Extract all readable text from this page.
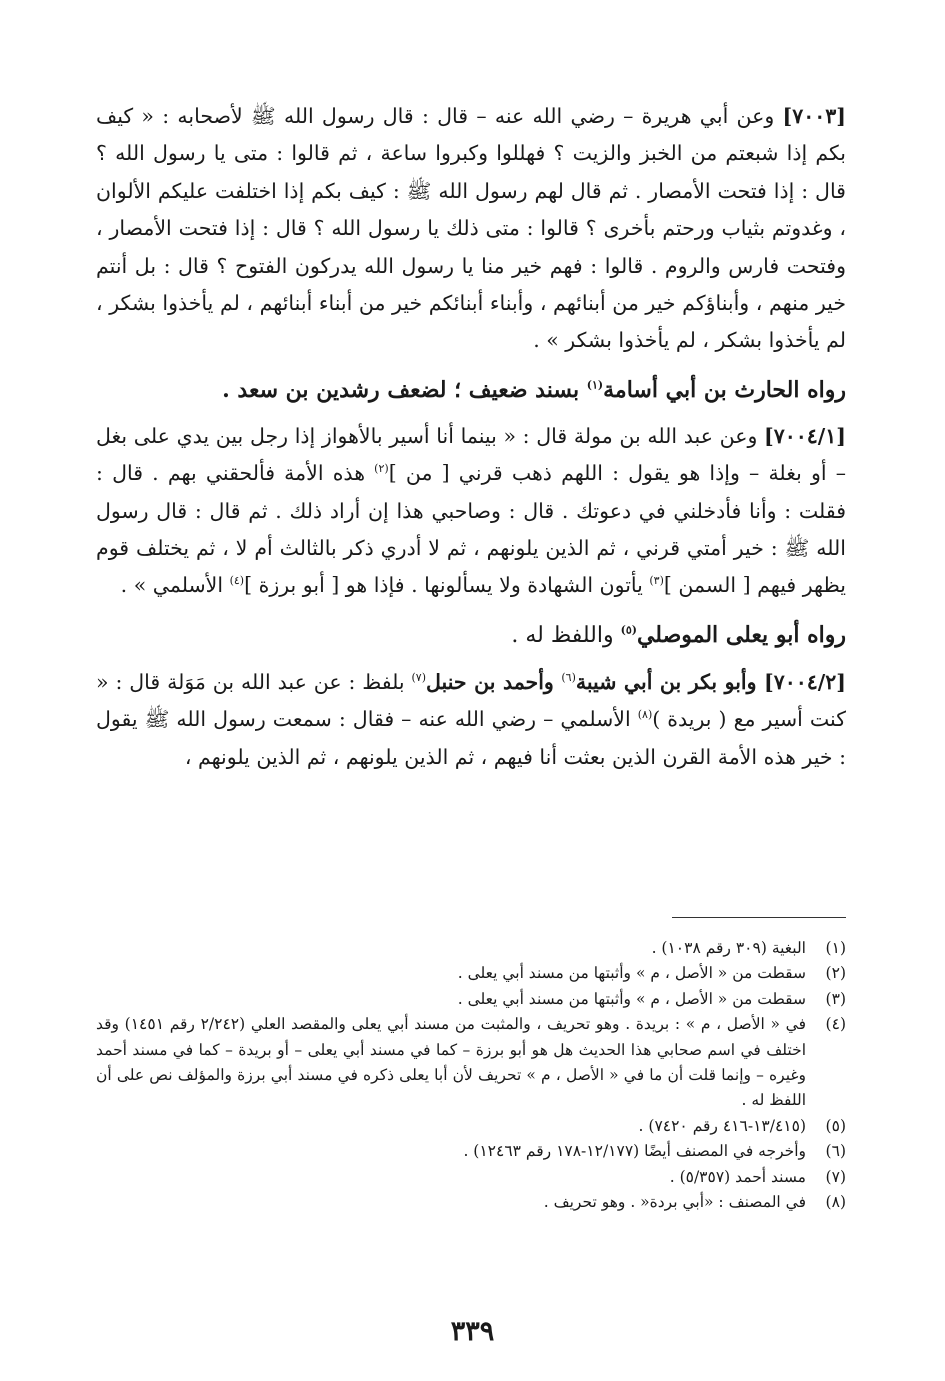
[٧٠٠٣] وعن أبي هريرة – رضي الله عنه – قال : قال رسول الله ﷺ لأصحابه : « كيف بكم إذا شبعتم من الخبز والزيت ؟ فهللوا وكبروا ساعة ، ثم قالوا : متى يا رسول الله ؟ قال : إذا فتحت الأمصار . ثم قال لهم رسول الله ﷺ : كيف بكم إذا اختلفت عليكم الألوان ، وغدوتم بثياب ورحتم بأخرى ؟ قالوا : متى ذلك يا رسول الله ؟ قال : إذا فتحت الأمصار ، وفتحت فارس والروم . قالوا : فهم خير منا يا رسول الله يدركون الفتوح ؟ قال : بل أنتم خير منهم ، وأبناؤكم خير من أبنائهم ، وأبناء أبنائكم خير من أبناء أبنائهم ، لم يأخذوا بشكر ، لم يأخذوا بشكر ، لم يأخذوا بشكر » .

رواه الحارث بن أبي أسامة$^{(١)}$ بسند ضعيف ؛ لضعف رشدين بن سعد .

[٧٠٠٤/١] وعن عبد الله بن مولة قال : « بينما أنا أسير بالأهواز إذا رجل بين يدي على بغل – أو بغلة – وإذا هو يقول : اللهم ذهب قرني [ من ]$^{(٢)}$ هذه الأمة فألحقني بهم . قال : فقلت : وأنا فأدخلني في دعوتك . قال : وصاحبي هذا إن أراد ذلك . ثم قال : قال رسول الله ﷺ : خير أمتي قرني ، ثم الذين يلونهم ، ثم لا أدري ذكر بالثالث أم لا ، ثم يختلف قوم يظهر فيهم [ السمن ]$^{(٣)}$ يأتون الشهادة ولا يسألونها . فإذا هو [ أبو برزة ]$^{(٤)}$ الأسلمي » .

رواه أبو يعلى الموصلي$^{(٥)}$ واللفظ له .

[٧٠٠٤/٢] وأبو بكر بن أبي شيبة$^{(٦)}$ وأحمد بن حنبل$^{(٧)}$ بلفظ : عن عبد الله بن مَوَلة قال : « كنت أسير مع ( بريدة )$^{(٨)}$ الأسلمي – رضي الله عنه – فقال : سمعت رسول الله ﷺ يقول : خير هذه الأمة القرن الذين بعثت أنا فيهم ، ثم الذين يلونهم ، ثم الذين يلونهم ،

(١)
البغية (٣٠٩ رقم ١٠٣٨) .
(٢)
سقطت من « الأصل ، م » وأثبتها من مسند أبي يعلى .
(٣)
سقطت من « الأصل ، م » وأثبتها من مسند أبي يعلى .
(٤)
في « الأصل ، م » : بريدة . وهو تحريف ، والمثبت من مسند أبي يعلى والمقصد العلي (٢/٢٤٢ رقم ١٤٥١) وقد اختلف في اسم صحابي هذا الحديث هل هو أبو برزة – كما في مسند أبي يعلى – أو بريدة – كما في مسند أحمد وغيره – وإنما قلت أن ما في « الأصل ، م » تحريف لأن أبا يعلى ذكره في مسند أبي برزة والمؤلف نص على أن اللفظ له .
(٥)
(١٣/٤١٥-٤١٦ رقم ٧٤٢٠) .
(٦)
وأخرجه في المصنف أيضًا (١٢/١٧٧-١٧٨ رقم ١٢٤٦٣) .
(٧)
مسند أحمد (٥/٣٥٧) .
(٨)
في المصنف : «أبي بردة« . وهو تحريف .
٣٣٩
